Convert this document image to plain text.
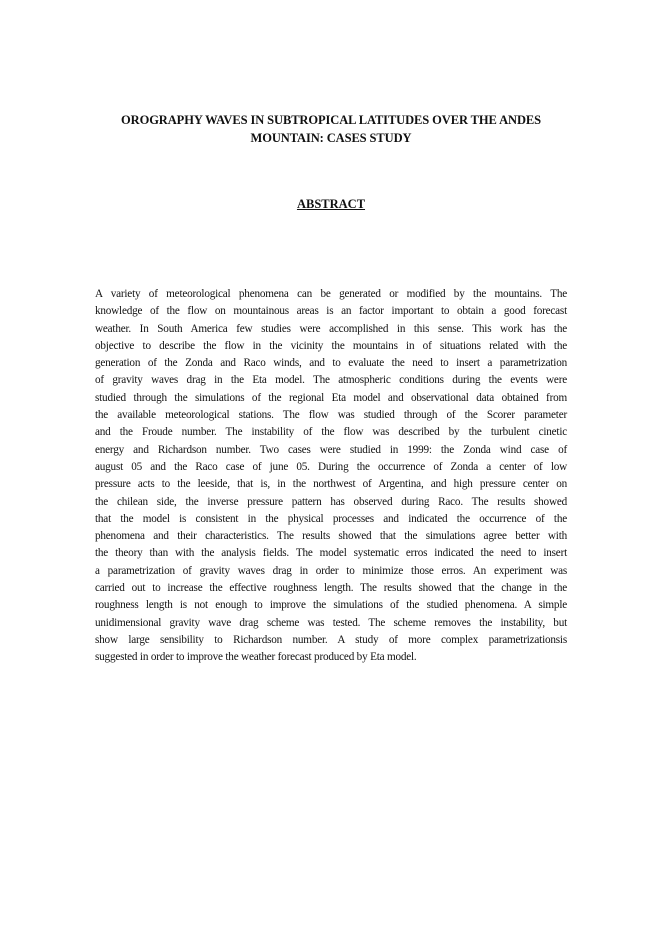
OROGRAPHY WAVES IN SUBTROPICAL LATITUDES OVER THE ANDES
MOUNTAIN: CASES STUDY
ABSTRACT
A variety of meteorological phenomena can be generated or modified by the mountains. The
knowledge of the flow on mountainous areas is an factor important to obtain a good forecast
weather. In South America few studies were accomplished in this sense. This work has the
objective to describe the flow in the vicinity the mountains in of situations related with the
generation of the Zonda and Raco winds, and to evaluate the need to insert a parametrization
of gravity waves drag in the Eta model. The atmospheric conditions during the events were
studied through the simulations of the regional Eta model and observational data obtained from
the available meteorological stations. The flow was studied through of the Scorer parameter
and the Froude number. The instability of the flow was described by the turbulent cinetic
energy and Richardson number. Two cases were studied in 1999: the Zonda wind case of
august 05 and the Raco case of june 05. During the occurrence of Zonda a center of low
pressure acts to the leeside, that is, in the northwest of Argentina, and high pressure center on
the chilean side, the inverse pressure pattern has observed during Raco. The results showed
that the model is consistent in the physical processes and indicated the occurrence of the
phenomena and their characteristics. The results showed that the simulations agree better with
the theory than with the analysis fields. The model systematic erros indicated the need to insert
a parametrization of gravity waves drag in order to minimize those erros. An experiment was
carried out to increase the effective roughness length. The results showed that the change in the
roughness length is not enough to improve the simulations of the studied phenomena. A simple
unidimensional gravity wave drag scheme was tested. The scheme removes the instability, but
show large sensibility to Richardson number. A study of more complex parametrizationsis
suggested in order to improve the weather forecast produced by Eta model.
